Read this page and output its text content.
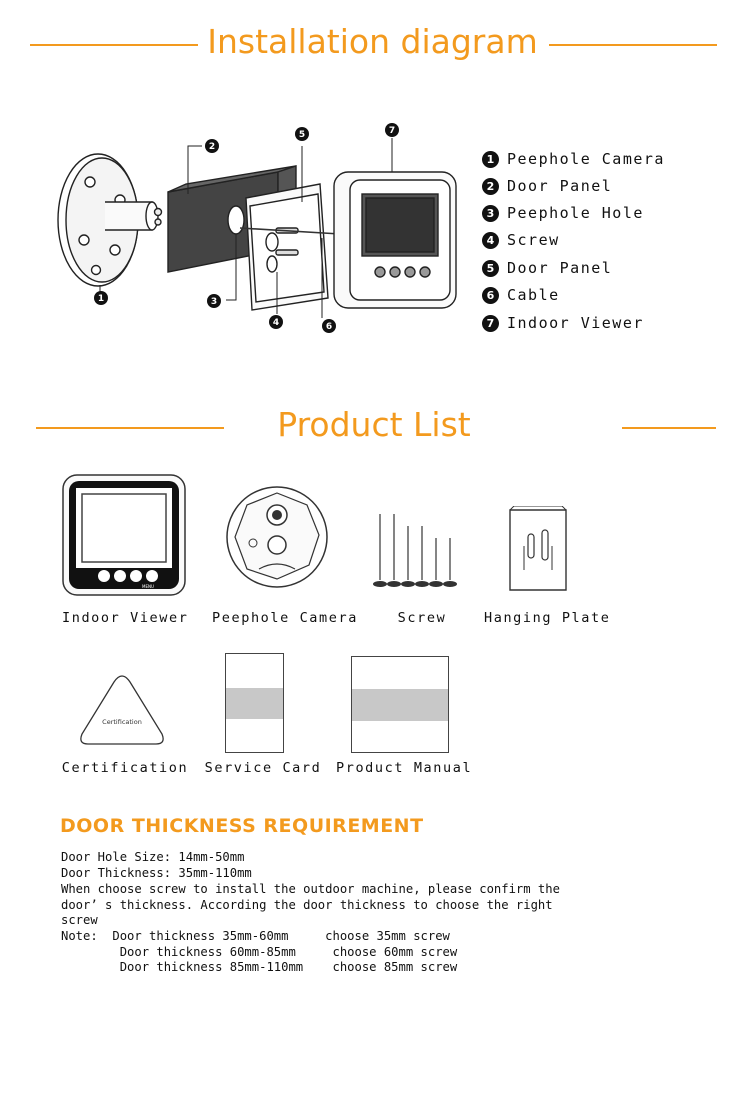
Installation diagram
2
1	3
4
5
6
7
1 Peephole Camera
2 Door Panel
3 Peephole Hole
4 Screw
5 Door Panel
6 Cable
7 Indoor Viewer
Product List
MENU
Indoor Viewer Peephole Camera	Screw	Hanging Plate
Certification
Certification Service Card Product Manual
DOOR THICKNESS REQUIREMENT
Door Hole Size: 14mm-50mm
Door Thickness: 35mm-110mm
When choose screw to install the outdoor machine, please confirm the
door’ s thickness. According the door thickness to choose the right
screw
Note:  Door thickness 35mm-60mm     choose 35mm screw
Door thickness 60mm-85mm     choose 60mm screw
Door thickness 85mm-110mm    choose 85mm screw
